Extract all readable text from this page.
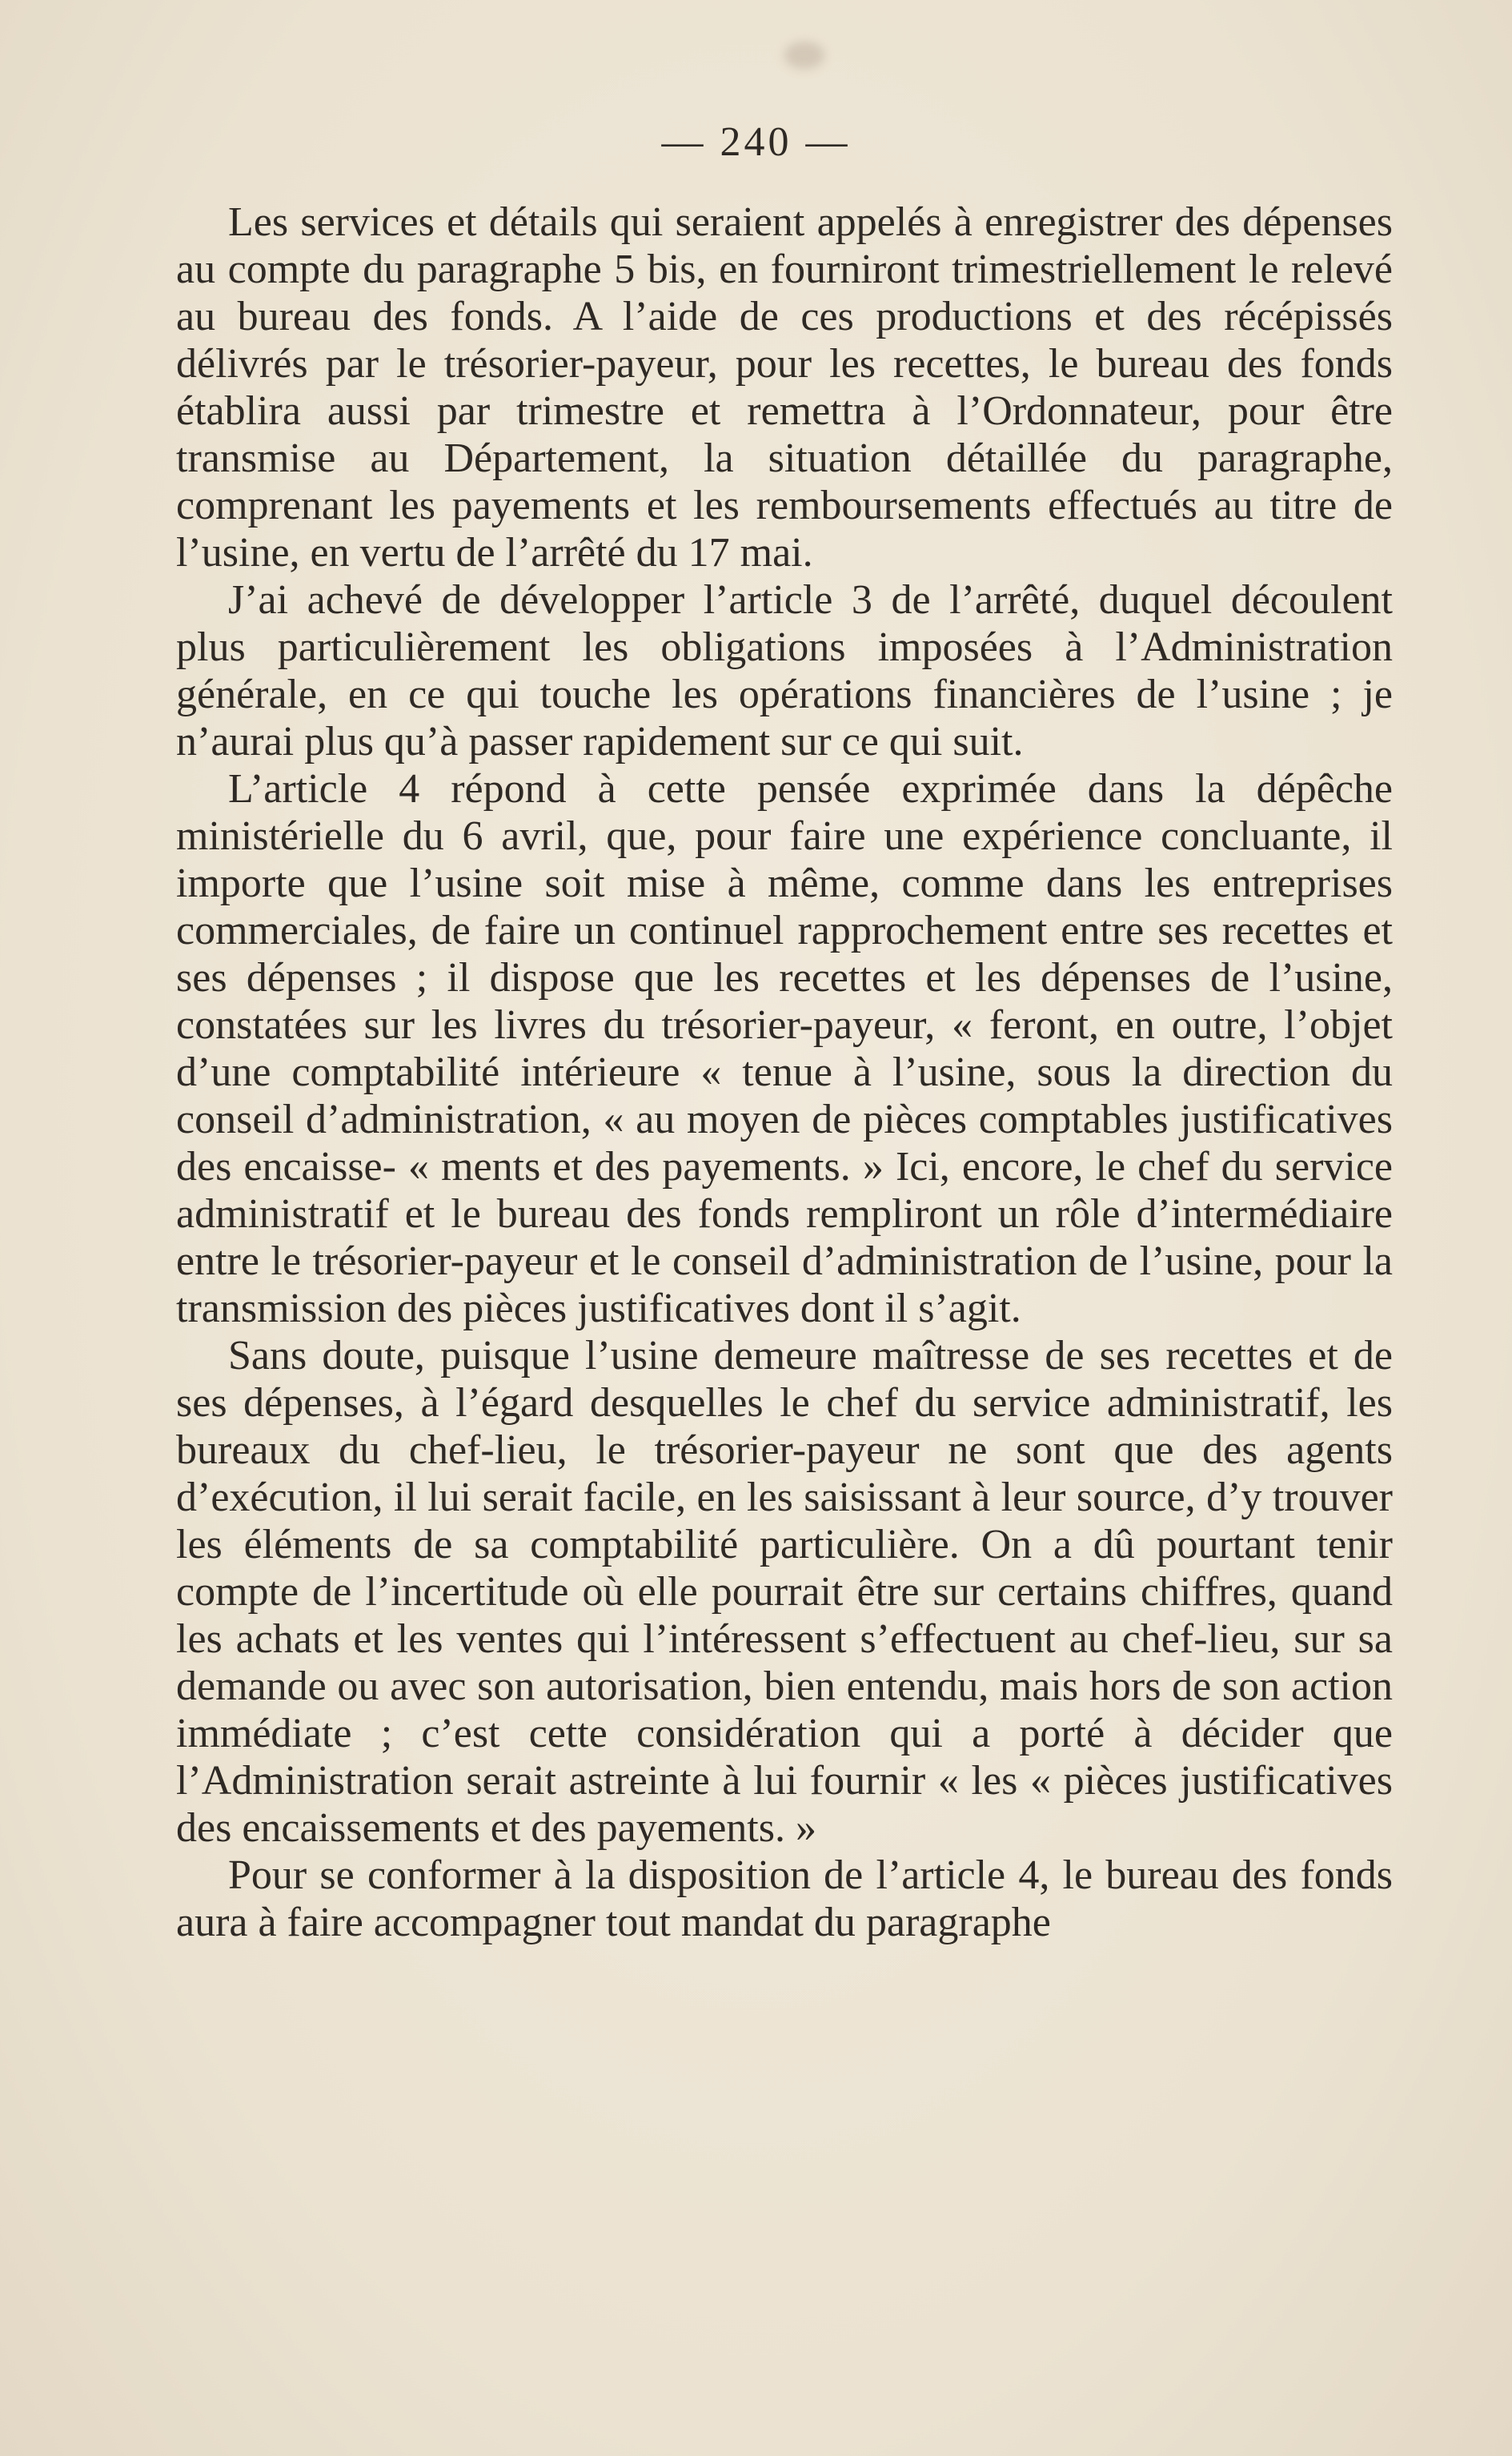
— 240 —

Les services et détails qui seraient appelés à enregistrer des dépenses au compte du paragraphe 5 bis, en fourniront trimestriellement le relevé au bureau des fonds. A l’aide de ces productions et des récépissés délivrés par le trésorier-payeur, pour les recettes, le bureau des fonds établira aussi par trimestre et remettra à l’Ordonnateur, pour être transmise au Département, la situation détaillée du paragraphe, comprenant les payements et les remboursements effectués au titre de l’usine, en vertu de l’arrêté du 17 mai.

J’ai achevé de développer l’article 3 de l’arrêté, duquel découlent plus particulièrement les obligations imposées à l’Administration générale, en ce qui touche les opérations financières de l’usine ; je n’aurai plus qu’à passer rapidement sur ce qui suit.

L’article 4 répond à cette pensée exprimée dans la dépêche ministérielle du 6 avril, que, pour faire une expérience concluante, il importe que l’usine soit mise à même, comme dans les entreprises commerciales, de faire un continuel rapprochement entre ses recettes et ses dépenses ; il dispose que les recettes et les dépenses de l’usine, constatées sur les livres du trésorier-payeur, « feront, en outre, l’objet d’une comptabilité intérieure « tenue à l’usine, sous la direction du conseil d’administration, « au moyen de pièces comptables justificatives des encaisse- « ments et des payements. » Ici, encore, le chef du service administratif et le bureau des fonds rempliront un rôle d’intermédiaire entre le trésorier-payeur et le conseil d’administration de l’usine, pour la transmission des pièces justificatives dont il s’agit.

Sans doute, puisque l’usine demeure maîtresse de ses recettes et de ses dépenses, à l’égard desquelles le chef du service administratif, les bureaux du chef-lieu, le trésorier-payeur ne sont que des agents d’exécution, il lui serait facile, en les saisissant à leur source, d’y trouver les éléments de sa comptabilité particulière. On a dû pourtant tenir compte de l’incertitude où elle pourrait être sur certains chiffres, quand les achats et les ventes qui l’intéressent s’effectuent au chef-lieu, sur sa demande ou avec son autorisation, bien entendu, mais hors de son action immédiate ; c’est cette considération qui a porté à décider que l’Administration serait astreinte à lui fournir « les « pièces justificatives des encaissements et des payements. »

Pour se conformer à la disposition de l’article 4, le bureau des fonds aura à faire accompagner tout mandat du paragraphe
